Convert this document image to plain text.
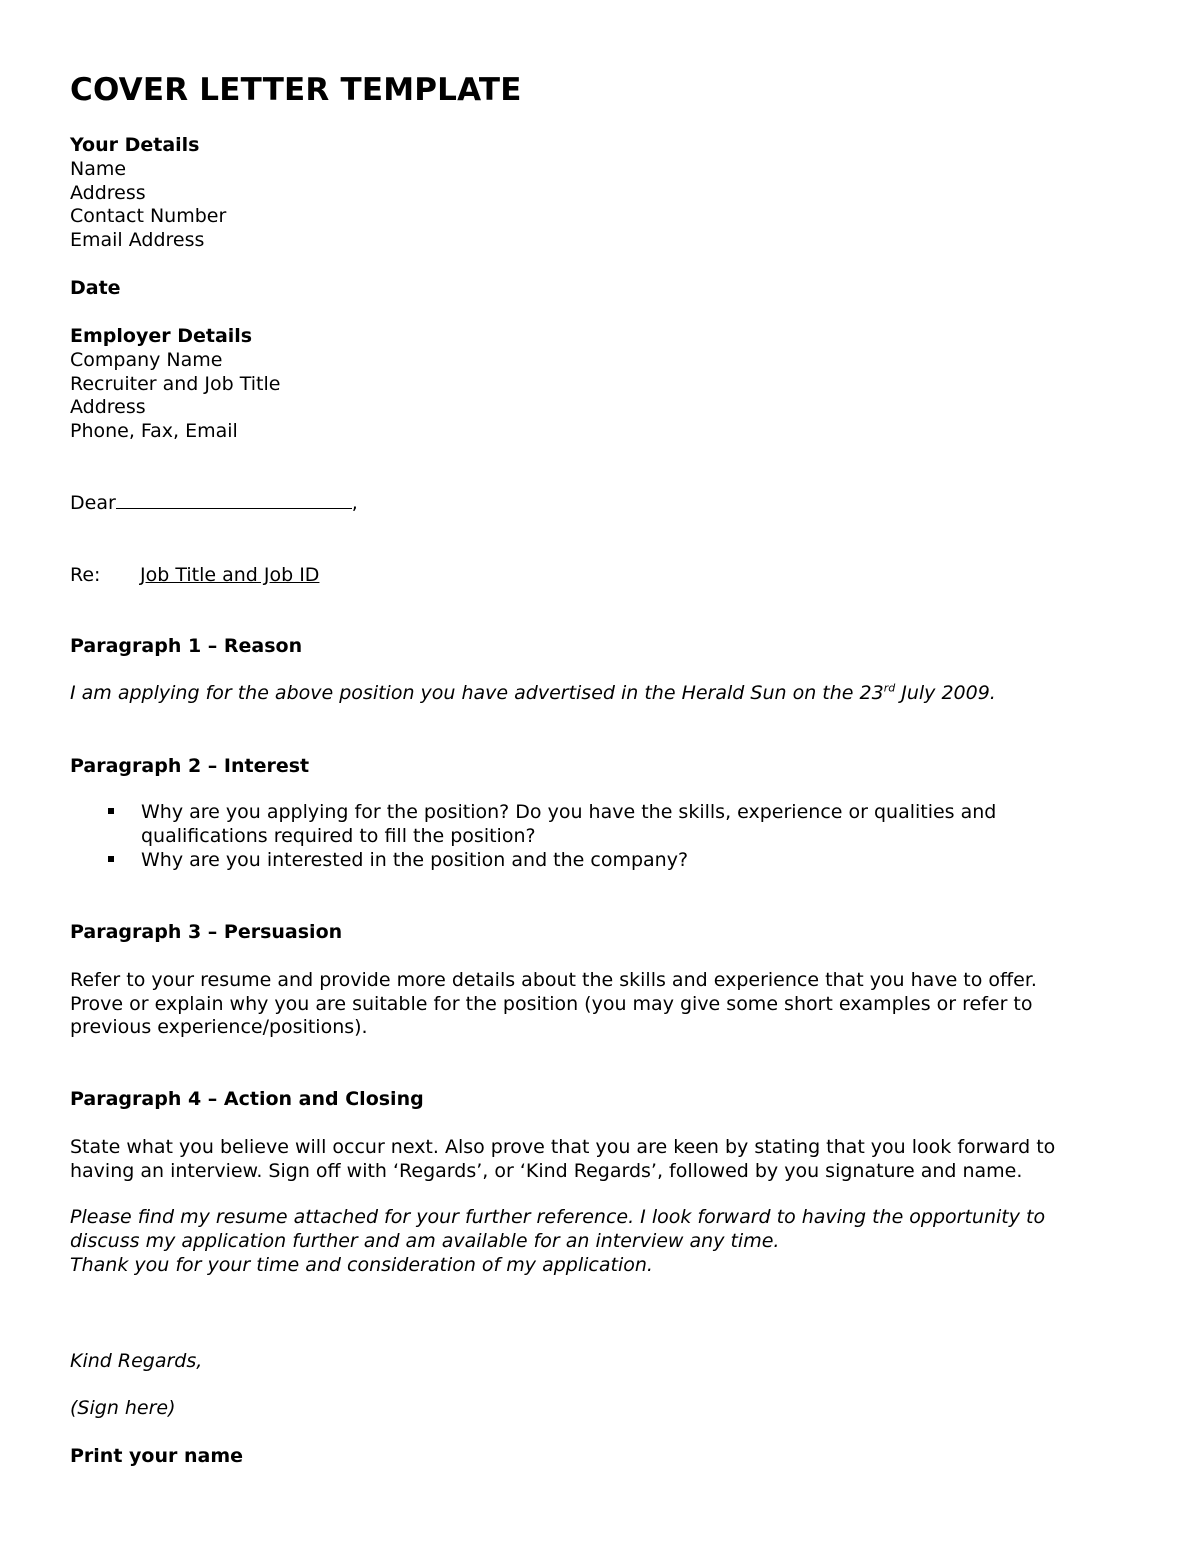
COVER LETTER TEMPLATE
Your Details
Name
Address
Contact Number
Email Address
Date
Employer Details
Company Name
Recruiter and Job Title
Address
Phone, Fax, Email
Dear	,
Re: Job Title and Job ID
Paragraph 1 – Reason
I am applying for the above position you have advertised in the Herald Sun on the 23rd July 2009.
Paragraph 2 – Interest
Why are you applying for the position? Do you have the skills, experience or qualities and
qualifications required to fill the position?
Why are you interested in the position and the company?
Paragraph 3 – Persuasion
Refer to your resume and provide more details about the skills and experience that you have to offer.
Prove or explain why you are suitable for the position (you may give some short examples or refer to
previous experience/positions).
Paragraph 4 – Action and Closing
State what you believe will occur next. Also prove that you are keen by stating that you look forward to
having an interview. Sign off with ‘Regards’, or ‘Kind Regards’, followed by you signature and name.
Please find my resume attached for your further reference. I look forward to having the opportunity to
discuss my application further and am available for an interview any time.
Thank you for your time and consideration of my application.
Kind Regards,
(Sign here)
Print your name
